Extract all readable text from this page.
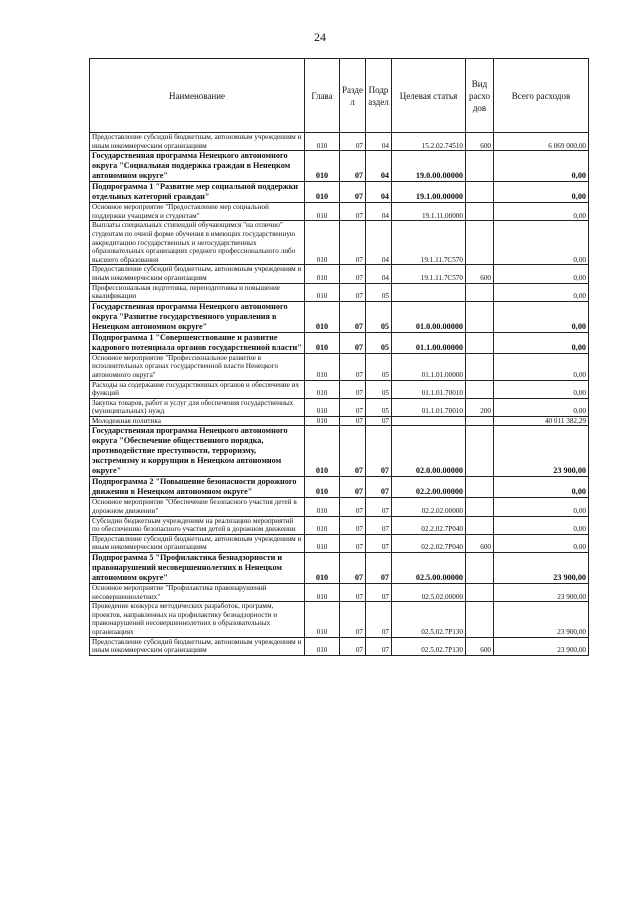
24
Наименование	Глава	Разде л	Подр аздел	Целевая статья	Вид расхо дов	Всего расходов
Предоставление субсидий бюджетным, автономным учреждениям и иным некоммерческим организациям	010	07	04	15.2.02.74510	600	6 069 000,00
Государственная программа Ненецкого автономного округа "Социальная поддержка граждан в Ненецком автономном округе"	010	07	04	19.0.00.00000		0,00
Подпрограмма 1 "Развитие мер социальной поддержки отдельных категорий граждан"	010	07	04	19.1.00.00000		0,00
Основное мероприятие "Предоставление мер социальной поддержки учащимся и студентам"	010	07	04	19.1.11.00000		0,00
Выплаты специальных стипендий обучающимся "на отлично" студентам по очной форме обучения в имеющих государственную аккредитацию государственных и негосударственных образовательных организациях среднего профессионального либо высшего образования	010	07	04	19.1.11.7С570		0,00
Предоставление субсидий бюджетным, автономным учреждениям и иным некоммерческим организациям	010	07	04	19.1.11.7С570	600	0,00
Профессиональная подготовка, переподготовка и повышение квалификации	010	07	05			0,00
Государственная программа Ненецкого автономного округа "Развитие государственного управления в Ненецком автономном округе"	010	07	05	01.0.00.00000		0,00
Подпрограмма 1 "Совершенствование и развитие кадрового потенциала органов государственной власти"	010	07	05	01.1.00.00000		0,00
Основное мероприятие "Профессиональное развитие в исполнительных органах государственной власти Ненецкого автономного округа"	010	07	05	01.1.01.00000		0,00
Расходы на содержание государственных органов и обеспечение их функций	010	07	05	01.1.01.70010		0,00
Закупка товаров, работ и услуг для обеспечения государственных (муниципальных) нужд	010	07	05	01.1.01.70010	200	0,00
Молодежная политика	010	07	07			40 011 382,29
Государственная программа Ненецкого автономного округа "Обеспечение общественного порядка, противодействие преступности, терроризму, экстремизму и коррупции в Ненецком автономном округе"	010	07	07	02.0.00.00000		23 900,00
Подпрограмма 2 "Повышение безопасности дорожного движения в Ненецком автономном округе"	010	07	07	02.2.00.00000		0,00
Основное мероприятие "Обеспечение безопасного участия детей в дорожном движении"	010	07	07	02.2.02.00000		0,00
Субсидии бюджетным учреждениям на реализацию мероприятий по обеспечению безопасного участия детей в дорожном движении	010	07	07	02.2.02.7Р040		0,00
Предоставление субсидий бюджетным, автономным учреждениям и иным некоммерческим организациям	010	07	07	02.2.02.7Р040	600	0,00
Подпрограмма 5 "Профилактика безнадзорности и правонарушений несовершеннолетних в Ненецком автономном округе"	010	07	07	02.5.00.00000		23 900,00
Основное мероприятие "Профилактика правонарушений несовершеннолетних"	010	07	07	02.5.02.00000		23 900,00
Проведение конкурса методических разработок, программ, проектов, направленных на профилактику безнадзорности и правонарушений несовершеннолетних в образовательных организациях	010	07	07	02.5.02.7Р130		23 900,00
Предоставление субсидий бюджетным, автономным учреждениям и иным некоммерческим организациям	010	07	07	02.5.02.7Р130	600	23 900,00
